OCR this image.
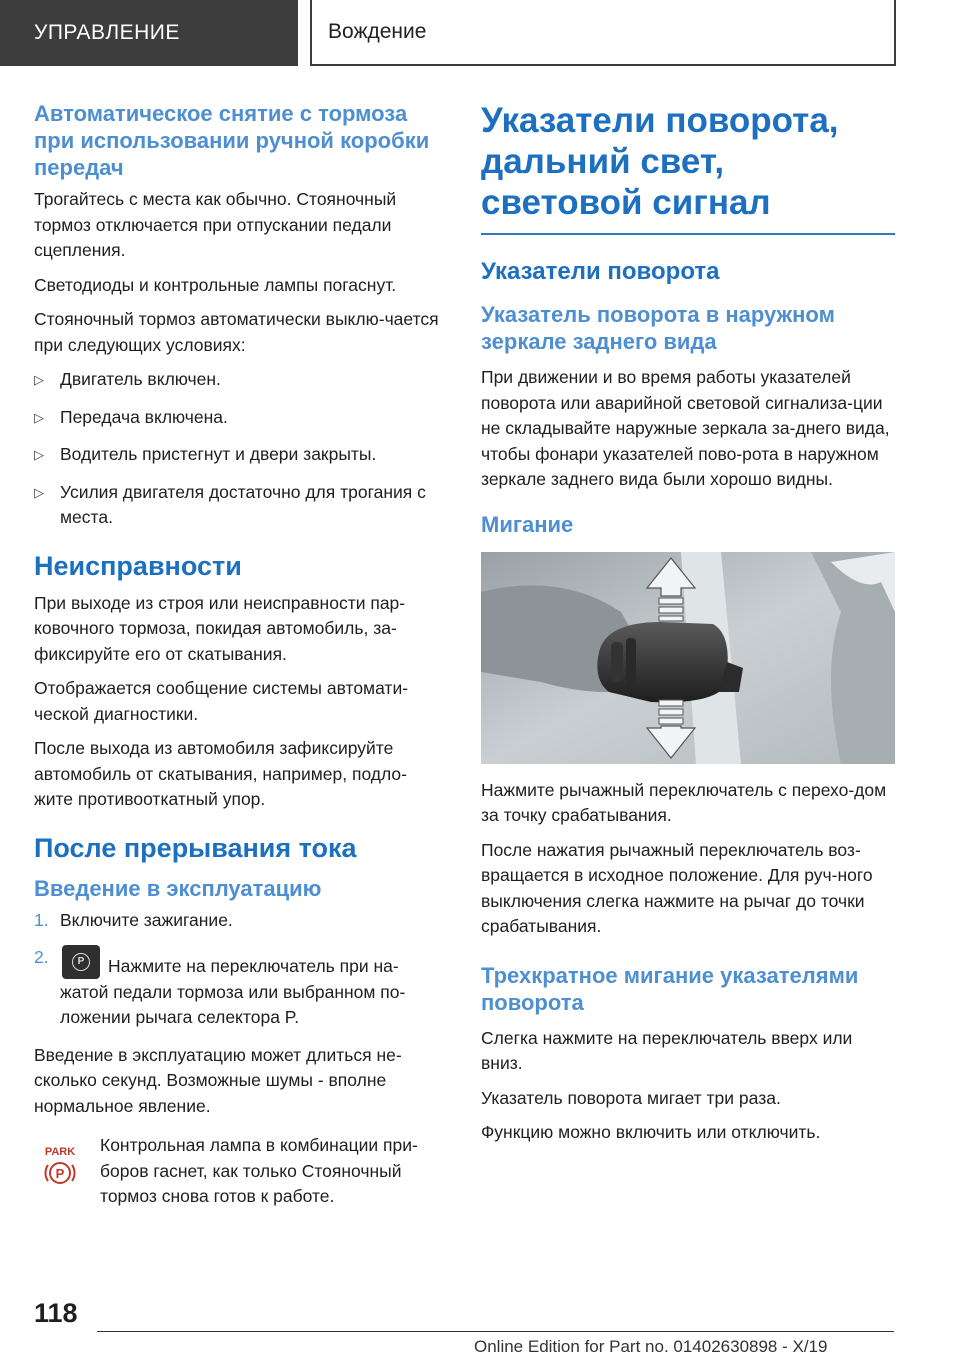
УПРАВЛЕНИЕ	Вождение
Автоматическое снятие с тормоза при использовании ручной коробки передач

Трогайтесь с места как обычно. Стояночный тормоз отключается при отпускании педали сцепления.

Светодиоды и контрольные лампы погаснут.

Стояночный тормоз автоматически выклю-чается при следующих условиях:

▷ Двигатель включен.
▷ Передача включена.
▷ Водитель пристегнут и двери закрыты.
▷ Усилия двигателя достаточно для трогания с места.
Неисправности

При выходе из строя или неисправности пар-ковочного тормоза, покидая автомобиль, за-фиксируйте его от скатывания.

Отображается сообщение системы автомати-ческой диагностики.

После выхода из автомобиля зафиксируйте автомобиль от скатывания, например, подло-жите противооткатный упор.

После прерывания тока
Введение в эксплуатацию
1. Включите зажигание.
2.	P	Нажмите на переключатель при на-жатой педали тормоза или выбранном по-ложении рычага селектора P.

Введение в эксплуатацию может длиться не-сколько секунд. Возможные шумы - вполне нормальное явление.

PARK
P

Контрольная лампа в комбинации при-боров гаснет, как только Стояночный тормоз снова готов к работе.

Указатели поворота, дальний свет, световой сигнал
Указатели поворота
Указатель поворота в наружном зеркале заднего вида

При движении и во время работы указателей поворота или аварийной световой сигнализа-ции не складывайте наружные зеркала за-днего вида, чтобы фонари указателей пово-рота в наружном зеркале заднего вида были хорошо видны.

Мигание

Нажмите рычажный переключатель с перехо-дом за точку срабатывания.

После нажатия рычажный переключатель воз-вращается в исходное положение. Для руч-ного выключения слегка нажмите на рычаг до точки срабатывания.

Трехкратное мигание указателями поворота

Слегка нажмите на переключатель вверх или вниз.

Указатель поворота мигает три раза.

Функцию можно включить или отключить.

118
Online Edition for Part no. 01402630898 - X/19
